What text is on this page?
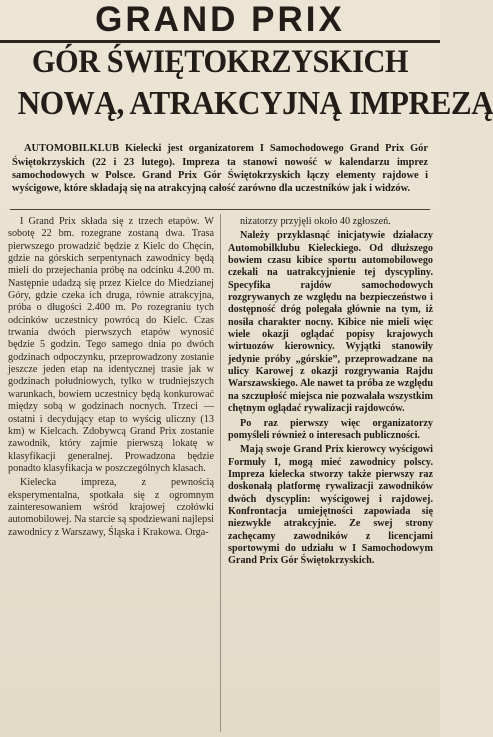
GRAND PRIX
GÓR ŚWIĘTOKRZYSKICH
NOWĄ, ATRAKCYJNĄ IMPREZĄ

AUTOMOBILKLUB Kielecki jest organizatorem I Samochodowego Grand Prix Gór Świętokrzyskich (22 i 23 lutego). Impreza ta stanowi nowość w kalendarzu imprez samochodowych w Polsce. Grand Prix Gór Świętokrzyskich łączy elementy rajdowe i wyścigowe, które składają się na atrakcyjną całość zarówno dla uczestników jak i widzów.

I Grand Prix składa się z trzech etapów. W sobotę 22 bm. rozegrane zostaną dwa. Trasa pierwszego prowadzić będzie z Kielc do Chęcin, gdzie na górskich serpentynach zawodnicy będą mieli do przejechania próbę na odcinku 4.200 m. Następnie udadzą się przez Kielce do Miedzianej Góry, gdzie czeka ich druga, równie atrakcyjna, próba o długości 2.400 m. Po rozegraniu tych odcinków uczestnicy powrócą do Kielc. Czas trwania dwóch pierwszych etapów wynosić będzie 5 godzin. Tego samego dnia po dwóch godzinach odpoczynku, przeprowadzony zostanie jeszcze jeden etap na identycznej trasie jak w godzinach południowych, tylko w trudniejszych warunkach, bowiem uczestnicy będą konkurować między sobą w godzinach nocnych. Trzeci — ostatni i decydujący etap to wyścig uliczny (13 km) w Kielcach. Zdobywcą Grand Prix zostanie zawodnik, który zajmie pierwszą lokatę w klasyfikacji generalnej. Prowadzona będzie ponadto klasyfikacja w poszczególnych klasach.

Kielecka impreza, z pewnością eksperymentalna, spotkała się z ogromnym zainteresowaniem wśród krajowej czołówki automobilowej. Na starcie są spodziewani najlepsi zawodnicy z Warszawy, Śląska i Krakowa. Orga-

nizatorzy przyjęli około 40 zgłoszeń.

Należy przyklasnąć inicjatywie działaczy Automobilklubu Kieleckiego. Od dłuższego bowiem czasu kibice sportu automobilowego czekali na uatrakcyjnienie tej dyscypliny. Specyfika rajdów samochodowych rozgrywanych ze względu na bezpieczeństwo i dostępność dróg polegała głównie na tym, iż nosiła charakter nocny. Kibice nie mieli więc wiele okazji oglądać popisy krajowych wirtuozów kierownicy. Wyjątki stanowiły jedynie próby „górskie”, przeprowadzane na ulicy Karowej z okazji rozgrywania Rajdu Warszawskiego. Ale nawet ta próba ze względu na szczupłość miejsca nie pozwalała wszystkim chętnym oglądać rywalizacji rajdowców.

Po raz pierwszy więc organizatorzy pomyśleli również o interesach publiczności.

Mają swoje Grand Prix kierowcy wyścigowi Formuły I, mogą mieć zawodnicy polscy. Impreza kielecka stworzy także pierwszy raz doskonałą platformę rywalizacji zawodników dwóch dyscyplin: wyścigowej i rajdowej. Konfrontacja umiejętności zapowiada się niezwykle atrakcyjnie. Ze swej strony zachęcamy zawodników z licencjami sportowymi do udziału w I Samochodowym Grand Prix Gór Świętokrzyskich.
